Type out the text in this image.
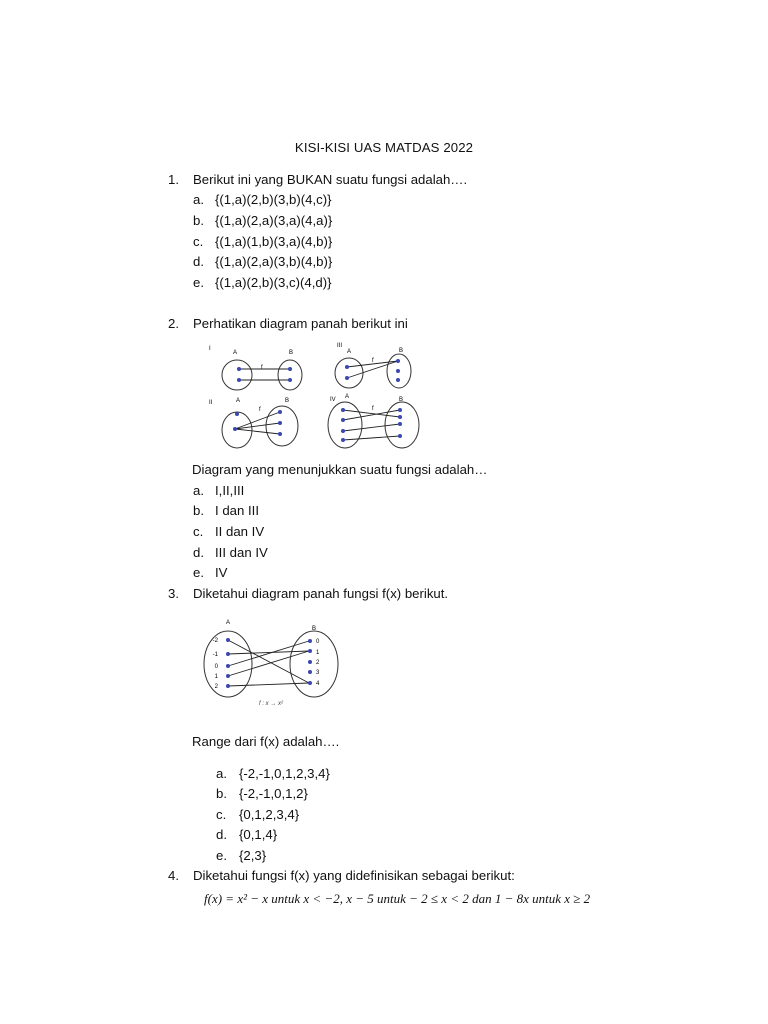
KISI-KISI UAS MATDAS 2022
1.	Berikut ini yang BUKAN suatu fungsi adalah….
a. {(1,a)(2,b)(3,b)(4,c)}
b. {(1,a)(2,a)(3,a)(4,a)}
c. {(1,a)(1,b)(3,a)(4,b)}
d. {(1,a)(2,a)(3,b)(4,b)}
e. {(1,a)(2,b)(3,c)(4,d)}
2.	Perhatikan diagram panah berikut ini
I
A	B
f
III
A	B
f
II	A	B
f
IV A	B
f
Diagram yang menunjukkan suatu fungsi adalah…
a. I,II,III
b. I dan III
c. II dan IV
d. III dan IV
e. IV
3.	Diketahui diagram panah fungsi f(x) berikut.
A
B
-2
-1
0
1
2
0
1
2
3
4
f : x → x²
Range dari f(x) adalah….
a. {-2,-1,0,1,2,3,4}
b. {-2,-1,0,1,2}
c. {0,1,2,3,4}
d. {0,1,4}
e. {2,3}
4.	Diketahui fungsi f(x) yang didefinisikan sebagai berikut:
f(x) = x² − x untuk x < −2, x − 5 untuk − 2 ≤ x < 2 dan 1 − 8x untuk x ≥ 2
